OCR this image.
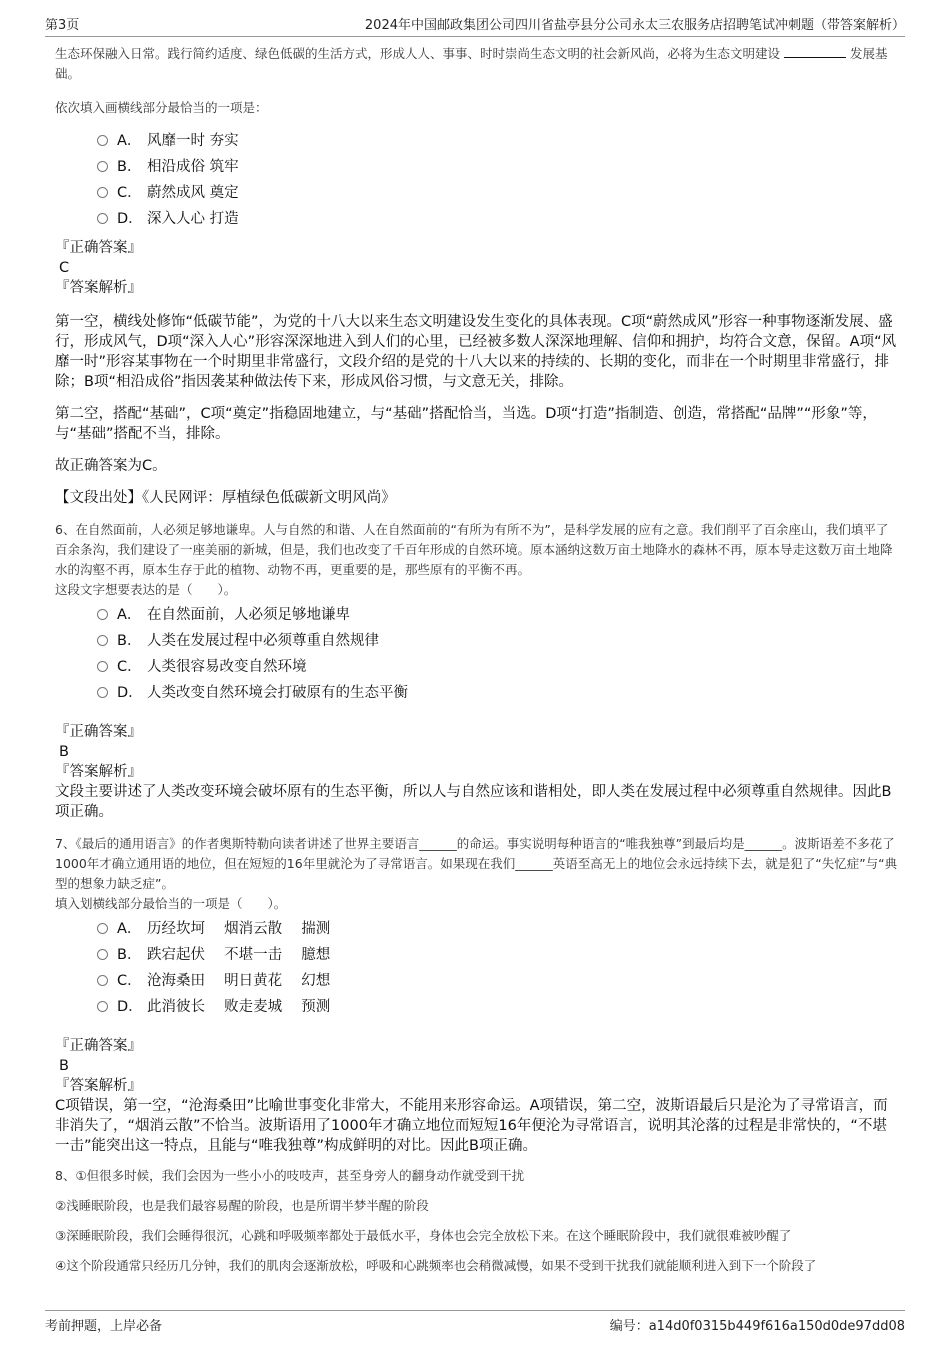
第3页	2024年中国邮政集团公司四川省盐亭县分公司永太三农服务店招聘笔试冲刺题（带答案解析）

生态环保融入日常。践行简约适度、绿色低碳的生活方式，形成人人、事事、时时崇尚生态文明的社会新风尚，必将为生态文明建设	发展基础。

依次填入画横线部分最恰当的一项是：

A． 风靡一时 夯实
B． 相沿成俗 筑牢
C． 蔚然成风 奠定
D． 深入人心 打造

『正确答案』

C

『答案解析』

第一空，横线处修饰“低碳节能”，为党的十八大以来生态文明建设发生变化的具体表现。C项“蔚然成风”形容一种事物逐渐发展、盛行，形成风气，D项“深入人心”形容深深地进入到人们的心里，已经被多数人深深地理解、信仰和拥护，均符合文意，保留。A项“风靡一时”形容某事物在一个时期里非常盛行，文段介绍的是党的十八大以来的持续的、长期的变化，而非在一个时期里非常盛行，排除；B项“相沿成俗”指因袭某种做法传下来，形成风俗习惯，与文意无关，排除。

第二空，搭配“基础”，C项“奠定”指稳固地建立，与“基础”搭配恰当，当选。D项“打造”指制造、创造，常搭配“品牌”“形象”等，与“基础”搭配不当，排除。

故正确答案为C。

【文段出处】《人民网评：厚植绿色低碳新文明风尚》

6、在自然面前，人必须足够地谦卑。人与自然的和谐、人在自然面前的“有所为有所不为”，是科学发展的应有之意。我们削平了百余座山，我们填平了百余条沟，我们建设了一座美丽的新城，但是，我们也改变了千百年形成的自然环境。原本涵纳这数万亩土地降水的森林不再，原本导走这数万亩土地降水的沟壑不再，原本生存于此的植物、动物不再，更重要的是，那些原有的平衡不再。

这段文字想要表达的是（　　）。

A． 在自然面前，人必须足够地谦卑
B． 人类在发展过程中必须尊重自然规律
C． 人类很容易改变自然环境
D． 人类改变自然环境会打破原有的生态平衡

『正确答案』

B

『答案解析』

文段主要讲述了人类改变环境会破坏原有的生态平衡，所以人与自然应该和谐相处，即人类在发展过程中必须尊重自然规律。因此B项正确。

7、《最后的通用语言》的作者奥斯特勒向读者讲述了世界主要语言______的命运。事实说明每种语言的“唯我独尊”到最后均是______。波斯语差不多花了1000年才确立通用语的地位，但在短短的16年里就沦为了寻常语言。如果现在我们______英语至高无上的地位会永远持续下去，就是犯了“失忆症”与“典型的想象力缺乏症”。

填入划横线部分最恰当的一项是（　　）。

A． 历经坎坷　 烟消云散　 揣测
B． 跌宕起伏　 不堪一击　 臆想
C． 沧海桑田　 明日黄花　 幻想
D． 此消彼长　 败走麦城　 预测

『正确答案』

B

『答案解析』

C项错误，第一空，“沧海桑田”比喻世事变化非常大，不能用来形容命运。A项错误，第二空，波斯语最后只是沦为了寻常语言，而非消失了，“烟消云散”不恰当。波斯语用了1000年才确立地位而短短16年便沦为寻常语言，说明其沦落的过程是非常快的，“不堪一击”能突出这一特点，且能与“唯我独尊”构成鲜明的对比。因此B项正确。

8、①但很多时候，我们会因为一些小小的吱吱声，甚至身旁人的翻身动作就受到干扰

②浅睡眠阶段，也是我们最容易醒的阶段，也是所谓半梦半醒的阶段

③深睡眠阶段，我们会睡得很沉，心跳和呼吸频率都处于最低水平，身体也会完全放松下来。在这个睡眠阶段中，我们就很难被吵醒了

④这个阶段通常只经历几分钟，我们的肌肉会逐渐放松，呼吸和心跳频率也会稍微减慢，如果不受到干扰我们就能顺利进入到下一个阶段了

考前押题，上岸必备	编号：a14d0f0315b449f616a150d0de97dd08
